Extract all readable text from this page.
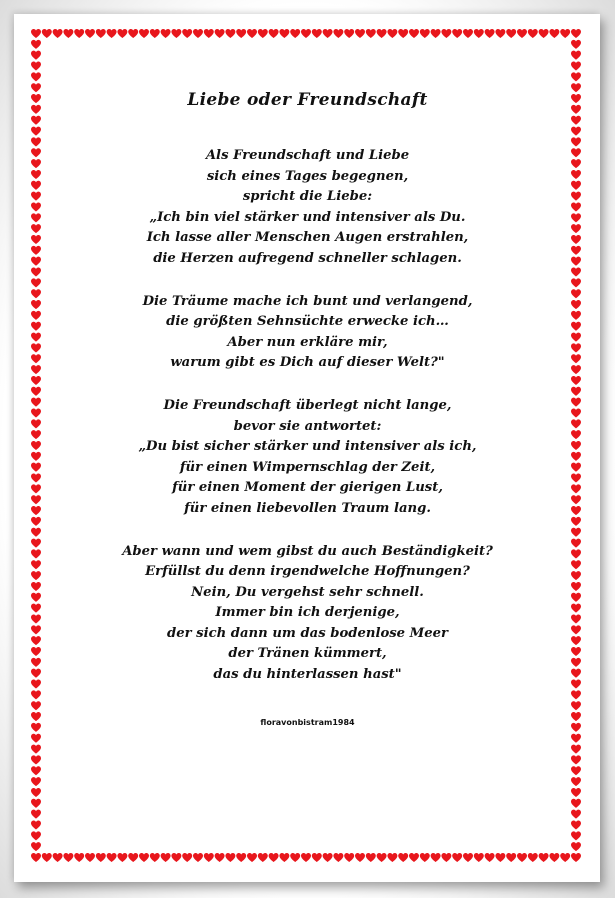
Liebe oder Freundschaft
Als Freundschaft und Liebe
sich eines Tages begegnen,
spricht die Liebe:
„Ich bin viel stärker und intensiver als Du.
Ich lasse aller Menschen Augen erstrahlen,
die Herzen aufregend schneller schlagen.
Die Träume mache ich bunt und verlangend,
die größten Sehnsüchte erwecke ich…
Aber nun erkläre mir,
warum gibt es Dich auf dieser Welt?"
Die Freundschaft überlegt nicht lange,
bevor sie antwortet:
„Du bist sicher stärker und intensiver als ich,
für einen Wimpernschlag der Zeit,
für einen Moment der gierigen Lust,
für einen liebevollen Traum lang.
Aber wann und wem gibst du auch Beständigkeit?
Erfüllst du denn irgendwelche Hoffnungen?
Nein, Du vergehst sehr schnell.
Immer bin ich derjenige,
der sich dann um das bodenlose Meer
der Tränen kümmert,
das du hinterlassen hast"
floravonbistram1984
